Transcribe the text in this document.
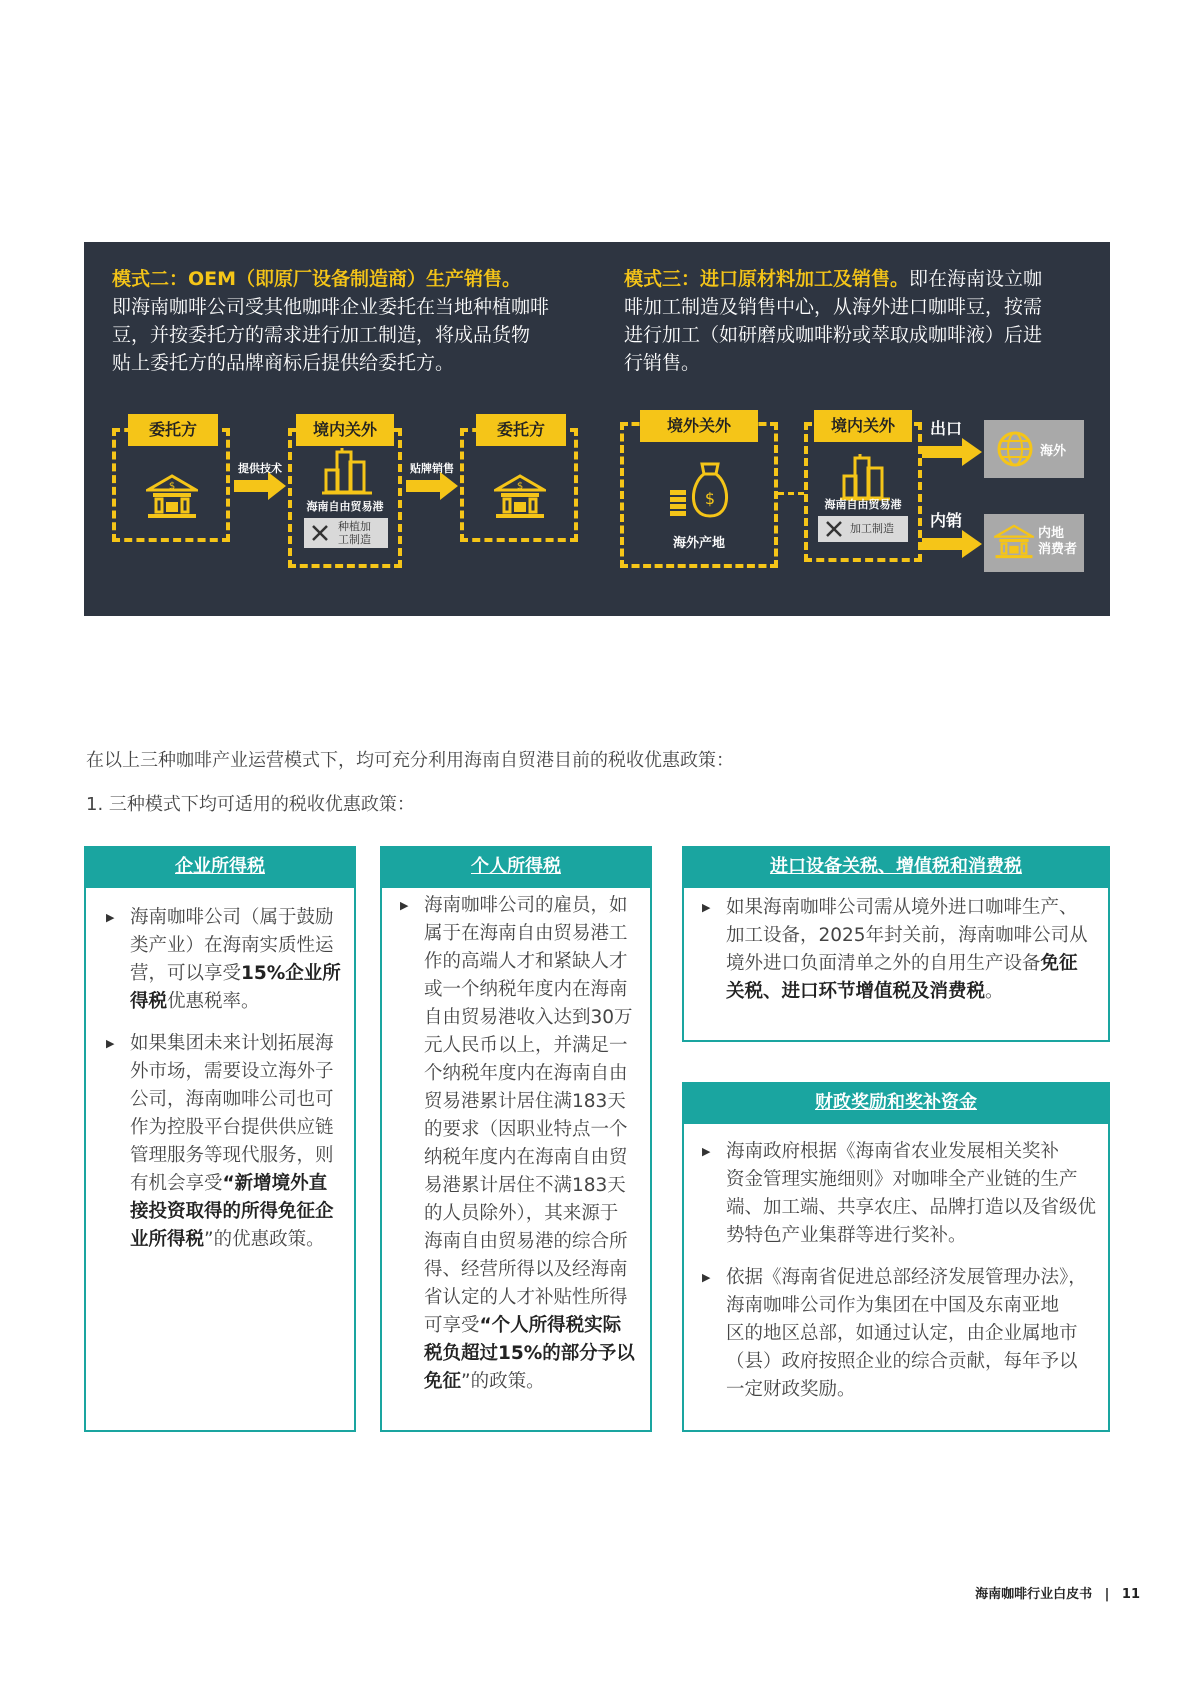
模式二：OEM（即原厂设备制造商）生产销售。
即海南咖啡公司受其他咖啡企业委托在当地种植咖啡
豆，并按委托方的需求进行加工制造，将成品货物
贴上委托方的品牌商标后提供给委托方。
模式三：进口原材料加工及销售。即在海南设立咖
啡加工制造及销售中心，从海外进口咖啡豆，按需
进行加工（如研磨成咖啡粉或萃取成咖啡液）后进
行销售。
$
委托方
提供技术
境内关外
海南自由贸易港
种植加
工制造
贴牌销售
$
委托方
$
境外关外
海外产地
境内关外
海南自由贸易港
加工制造
出口
海外
内销
内地
消费者
在以上三种咖啡产业运营模式下，均可充分利用海南自贸港目前的税收优惠政策：
1. 三种模式下均可适用的税收优惠政策：
企业所得税
▶ 海南咖啡公司（属于鼓励
类产业）在海南实质性运
营，可以享受15%企业所
得税优惠税率。
▶ 如果集团未来计划拓展海
外市场，需要设立海外子
公司，海南咖啡公司也可
作为控股平台提供供应链
管理服务等现代服务，则
有机会享受“新增境外直
接投资取得的所得免征企
业所得税”的优惠政策。
个人所得税
▶ 海南咖啡公司的雇员，如
属于在海南自由贸易港工
作的高端人才和紧缺人才
或一个纳税年度内在海南
自由贸易港收入达到30万
元人民币以上，并满足一
个纳税年度内在海南自由
贸易港累计居住满183天
的要求（因职业特点一个
纳税年度内在海南自由贸
易港累计居住不满183天
的人员除外），其来源于
海南自由贸易港的综合所
得、经营所得以及经海南
省认定的人才补贴性所得
可享受“个人所得税实际
税负超过15%的部分予以
免征”的政策。
进口设备关税、增值税和消费税
▶ 如果海南咖啡公司需从境外进口咖啡生产、
加工设备，2025年封关前，海南咖啡公司从
境外进口负面清单之外的自用生产设备免征
关税、进口环节增值税及消费税。
财政奖励和奖补资金
▶ 海南政府根据《海南省农业发展相关奖补
资金管理实施细则》对咖啡全产业链的生产
端、加工端、共享农庄、品牌打造以及省级优
势特色产业集群等进行奖补。
▶ 依据《海南省促进总部经济发展管理办法》，
海南咖啡公司作为集团在中国及东南亚地
区的地区总部，如通过认定，由企业属地市
（县）政府按照企业的综合贡献，每年予以
一定财政奖励。
海南咖啡行业白皮书 | 11
